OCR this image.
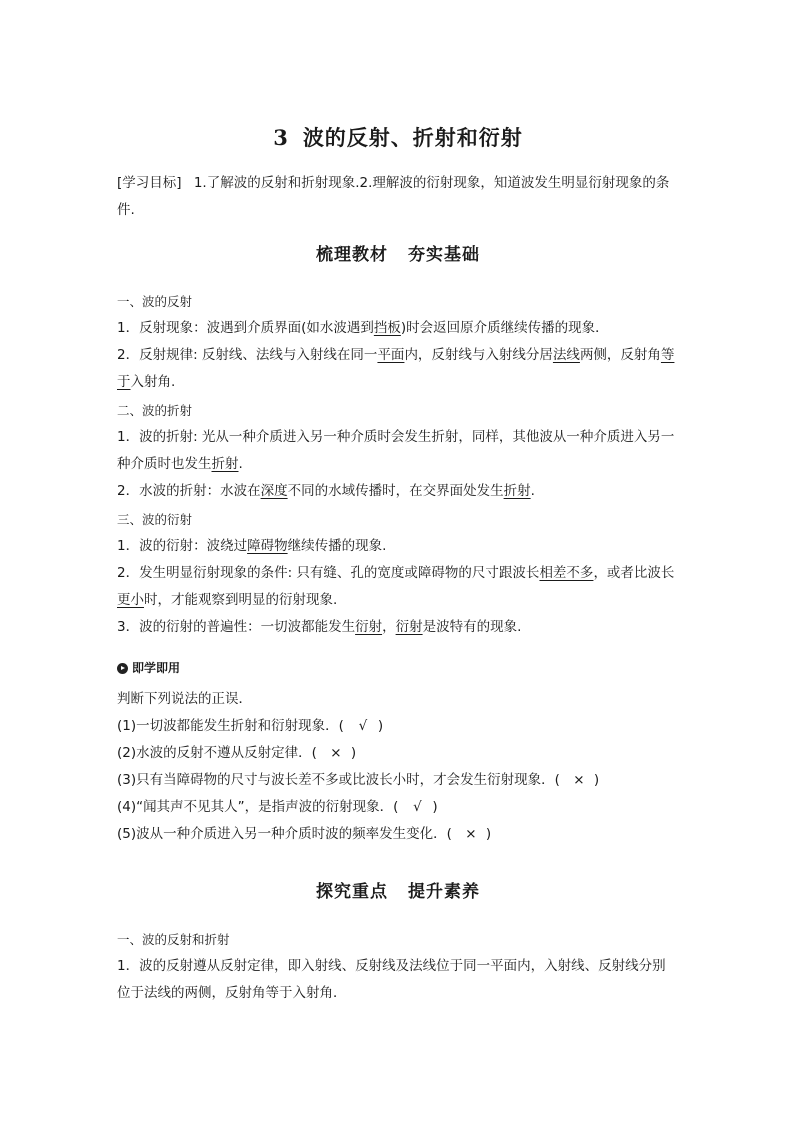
3 波的反射、折射和衍射
[学习目标] 1.了解波的反射和折射现象.2.理解波的衍射现象，知道波发生明显衍射现象的条件.
梳理教材 夯实基础
一、波的反射
1．反射现象：波遇到介质界面(如水波遇到挡板)时会返回原介质继续传播的现象．
2．反射规律: 反射线、法线与入射线在同一平面内，反射线与入射线分居法线两侧，反射角等于入射角.
二、波的折射
1．波的折射: 光从一种介质进入另一种介质时会发生折射，同样，其他波从一种介质进入另一种介质时也发生折射.
2．水波的折射：水波在深度不同的水域传播时，在交界面处发生折射.
三、波的衍射
1．波的衍射：波绕过障碍物继续传播的现象.
2．发生明显衍射现象的条件: 只有缝、孔的宽度或障碍物的尺寸跟波长相差不多，或者比波长更小时，才能观察到明显的衍射现象.
3．波的衍射的普遍性：一切波都能发生衍射，衍射是波特有的现象.
即学即用
判断下列说法的正误．
(1)一切波都能发生折射和衍射现象．( √ )
(2)水波的反射不遵从反射定律．( × )
(3)只有当障碍物的尺寸与波长差不多或比波长小时，才会发生衍射现象．( × )
(4)“闻其声不见其人”，是指声波的衍射现象．( √ )
(5)波从一种介质进入另一种介质时波的频率发生变化．( × )
探究重点 提升素养
一、波的反射和折射
1．波的反射遵从反射定律，即入射线、反射线及法线位于同一平面内，入射线、反射线分别位于法线的两侧，反射角等于入射角．
